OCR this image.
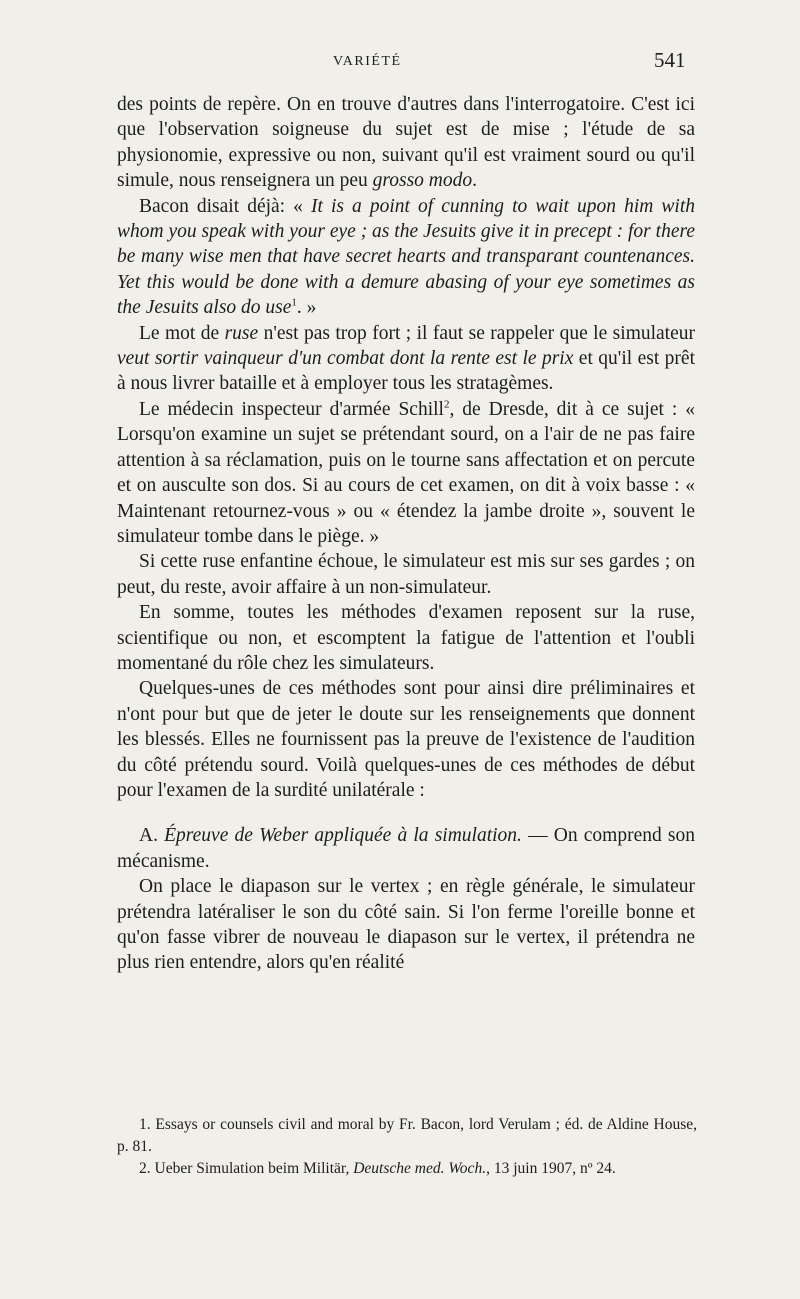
VARIÉTÉ	541

des points de repère. On en trouve d'autres dans l'interrogatoire. C'est ici que l'observation soigneuse du sujet est de mise ; l'étude de sa physionomie, expressive ou non, suivant qu'il est vraiment sourd ou qu'il simule, nous renseignera un peu grosso modo.

Bacon disait déjà: « It is a point of cunning to wait upon him with whom you speak with your eye ; as the Jesuits give it in precept : for there be many wise men that have secret hearts and transparant countenances. Yet this would be done with a demure abasing of your eye sometimes as the Jesuits also do use$^1$. »

Le mot de ruse n'est pas trop fort ; il faut se rappeler que le simulateur veut sortir vainqueur d'un combat dont la rente est le prix et qu'il est prêt à nous livrer bataille et à employer tous les stratagèmes.

Le médecin inspecteur d'armée Schill$^2$, de Dresde, dit à ce sujet : « Lorsqu'on examine un sujet se prétendant sourd, on a l'air de ne pas faire attention à sa réclamation, puis on le tourne sans affectation et on percute et on ausculte son dos. Si au cours de cet examen, on dit à voix basse : « Maintenant retournez-vous » ou « étendez la jambe droite », souvent le simulateur tombe dans le piège. »

Si cette ruse enfantine échoue, le simulateur est mis sur ses gardes ; on peut, du reste, avoir affaire à un non-simulateur.

En somme, toutes les méthodes d'examen reposent sur la ruse, scientifique ou non, et escomptent la fatigue de l'attention et l'oubli momentané du rôle chez les simulateurs.

Quelques-unes de ces méthodes sont pour ainsi dire préliminaires et n'ont pour but que de jeter le doute sur les renseignements que donnent les blessés. Elles ne fournissent pas la preuve de l'existence de l'audition du côté prétendu sourd. Voilà quelques-unes de ces méthodes de début pour l'examen de la surdité unilatérale :

A. Épreuve de Weber appliquée à la simulation. — On comprend son mécanisme.

On place le diapason sur le vertex ; en règle générale, le simulateur prétendra latéraliser le son du côté sain. Si l'on ferme l'oreille bonne et qu'on fasse vibrer de nouveau le diapason sur le vertex, il prétendra ne plus rien entendre, alors qu'en réalité

1. Essays or counsels civil and moral by Fr. Bacon, lord Verulam ; éd. de Aldine House, p. 81.

2. Ueber Simulation beim Militär, Deutsche med. Woch., 13 juin 1907, nº 24.
